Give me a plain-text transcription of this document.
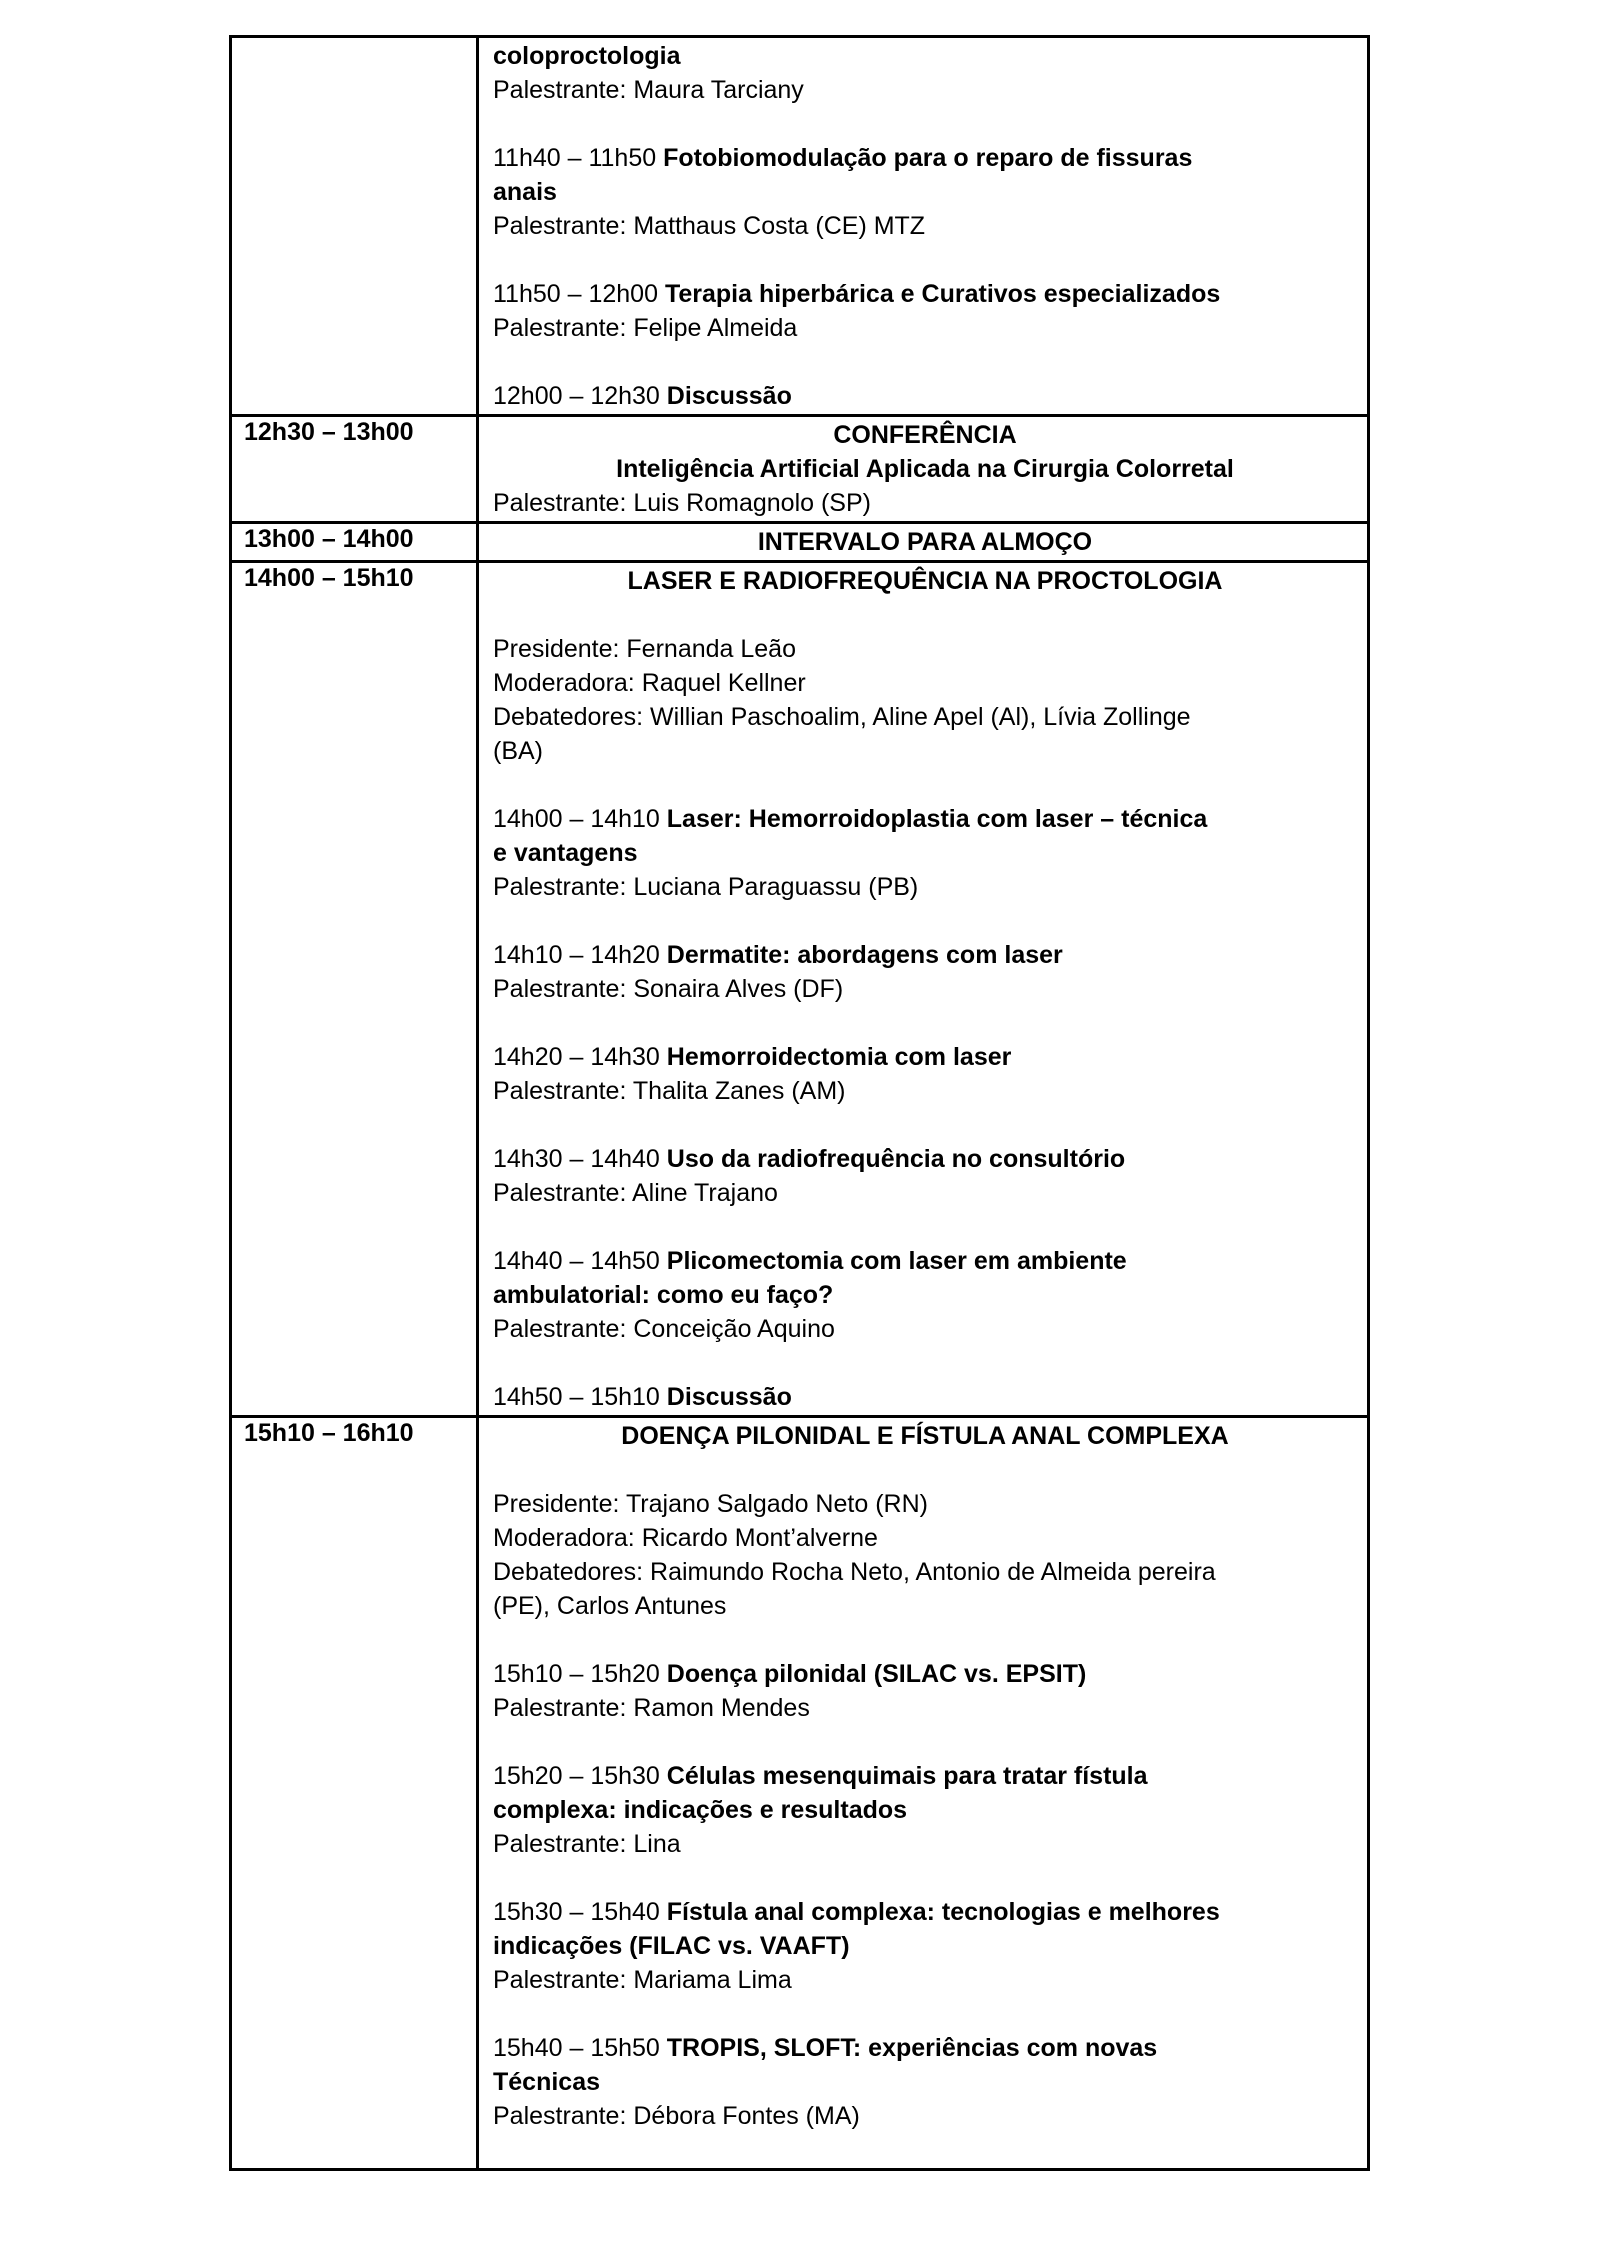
coloproctologia
Palestrante: Maura Tarciany

11h40 – 11h50 Fotobiomodulação para o reparo de fissuras
anais
Palestrante: Matthaus Costa (CE) MTZ

11h50 – 12h00 Terapia hiperbárica e Curativos especializados
Palestrante: Felipe Almeida

12h00 – 12h30 Discussão

12h30 – 13h00	CONFERÊNCIA
Inteligência Artificial Aplicada na Cirurgia Colorretal
Palestrante: Luis Romagnolo (SP)

13h00 – 14h00	INTERVALO PARA ALMOÇO

14h00 – 15h10	LASER E RADIOFREQUÊNCIA NA PROCTOLOGIA

Presidente: Fernanda Leão
Moderadora: Raquel Kellner
Debatedores: Willian Paschoalim, Aline Apel (Al), Lívia Zollinge
(BA)

14h00 – 14h10 Laser: Hemorroidoplastia com laser – técnica
e vantagens
Palestrante: Luciana Paraguassu (PB)

14h10 – 14h20 Dermatite: abordagens com laser
Palestrante: Sonaira Alves (DF)

14h20 – 14h30 Hemorroidectomia com laser
Palestrante: Thalita Zanes (AM)

14h30 – 14h40 Uso da radiofrequência no consultório
Palestrante: Aline Trajano

14h40 – 14h50 Plicomectomia com laser em ambiente
ambulatorial: como eu faço?
Palestrante: Conceição Aquino

14h50 – 15h10 Discussão

15h10 – 16h10	DOENÇA PILONIDAL E FÍSTULA ANAL COMPLEXA

Presidente: Trajano Salgado Neto (RN)
Moderadora: Ricardo Mont’alverne
Debatedores: Raimundo Rocha Neto, Antonio de Almeida pereira
(PE), Carlos Antunes

15h10 – 15h20 Doença pilonidal (SILAC vs. EPSIT)
Palestrante: Ramon Mendes

15h20 – 15h30 Células mesenquimais para tratar fístula
complexa: indicações e resultados
Palestrante: Lina

15h30 – 15h40 Fístula anal complexa: tecnologias e melhores
indicações (FILAC vs. VAAFT)
Palestrante: Mariama Lima

15h40 – 15h50 TROPIS, SLOFT: experiências com novas
Técnicas
Palestrante: Débora Fontes (MA)
